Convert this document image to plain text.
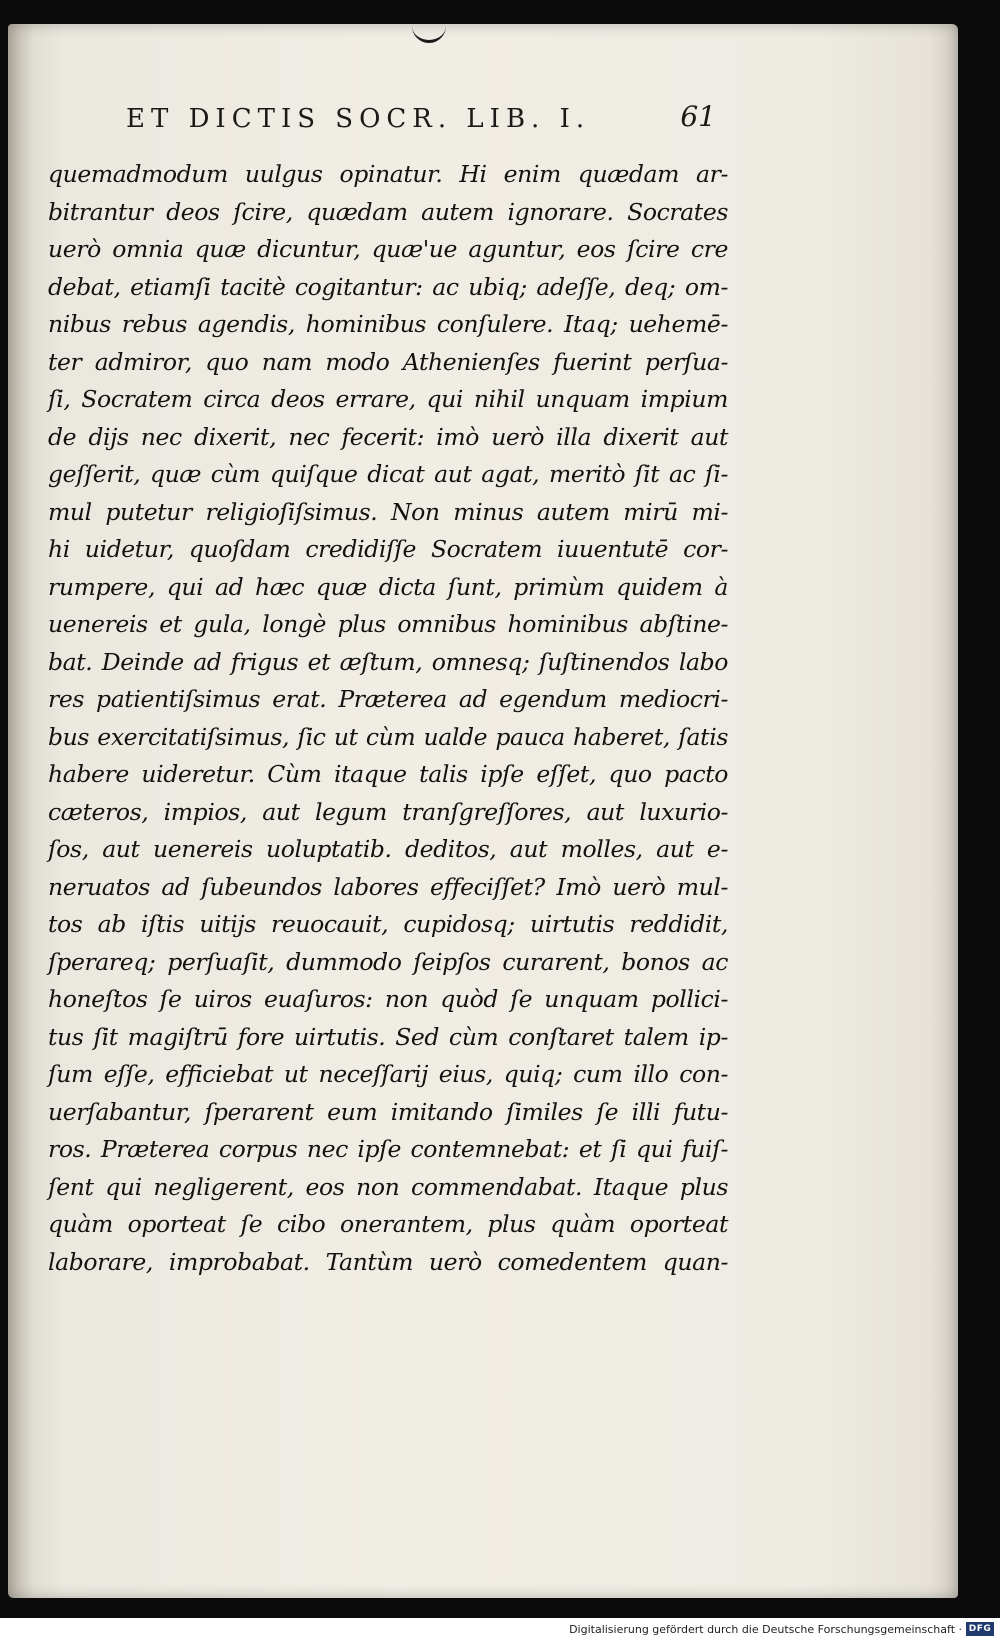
ET DICTIS SOCR. LIB. I.	61
quemadmodum uulgus opinatur. Hi enim quædam ar-
bitrantur deos ſcire, quædam autem ignorare. Socrates
uerò omnia quæ dicuntur, quæ'ue aguntur, eos ſcire cre
debat, etiamſi tacitè cogitantur: ac ubiq; adeſſe, deq; om-
nibus rebus agendis, hominibus conſulere. Itaq; uehemē-
ter admiror, quo nam modo Athenienſes fuerint perſua-
ſi, Socratem circa deos errare, qui nihil unquam impium
de dijs nec dixerit, nec fecerit: imò uerò illa dixerit aut
geſſerit, quæ cùm quiſque dicat aut agat, meritò ſit ac ſi-
mul putetur religioſiſsimus. Non minus autem mirū mi-
hi uidetur, quoſdam credidiſſe Socratem iuuentutē cor-
rumpere, qui ad hæc quæ dicta ſunt, primùm quidem à
uenereis et gula, longè plus omnibus hominibus abſtine-
bat. Deinde ad frigus et æſtum, omnesq; ſuſtinendos labo
res patientiſsimus erat. Præterea ad egendum mediocri-
bus exercitatiſsimus, ſic ut cùm ualde pauca haberet, ſatis
habere uideretur. Cùm itaque talis ipſe eſſet, quo pacto
cæteros, impios, aut legum tranſgreſſores, aut luxurio-
ſos, aut uenereis uoluptatib. deditos, aut molles, aut e-
neruatos ad ſubeundos labores effeciſſet? Imò uerò mul-
tos ab iſtis uitijs reuocauit, cupidosq; uirtutis reddidit,
ſperareq; perſuaſit, dummodo ſeipſos curarent, bonos ac
honeſtos ſe uiros euaſuros: non quòd ſe unquam pollici-
tus ſit magiſtrū fore uirtutis. Sed cùm conſtaret talem ip-
ſum eſſe, efficiebat ut neceſſarij eius, quiq; cum illo con-
uerſabantur, ſperarent eum imitando ſimiles ſe illi futu-
ros. Præterea corpus nec ipſe contemnebat: et ſi qui fuiſ-
ſent qui negligerent, eos non commendabat. Itaque plus
quàm oporteat ſe cibo onerantem, plus quàm oporteat
laborare, improbabat. Tantùm uerò comedentem quan-
Digitalisierung gefördert durch die Deutsche Forschungsgemeinschaft · DFG
